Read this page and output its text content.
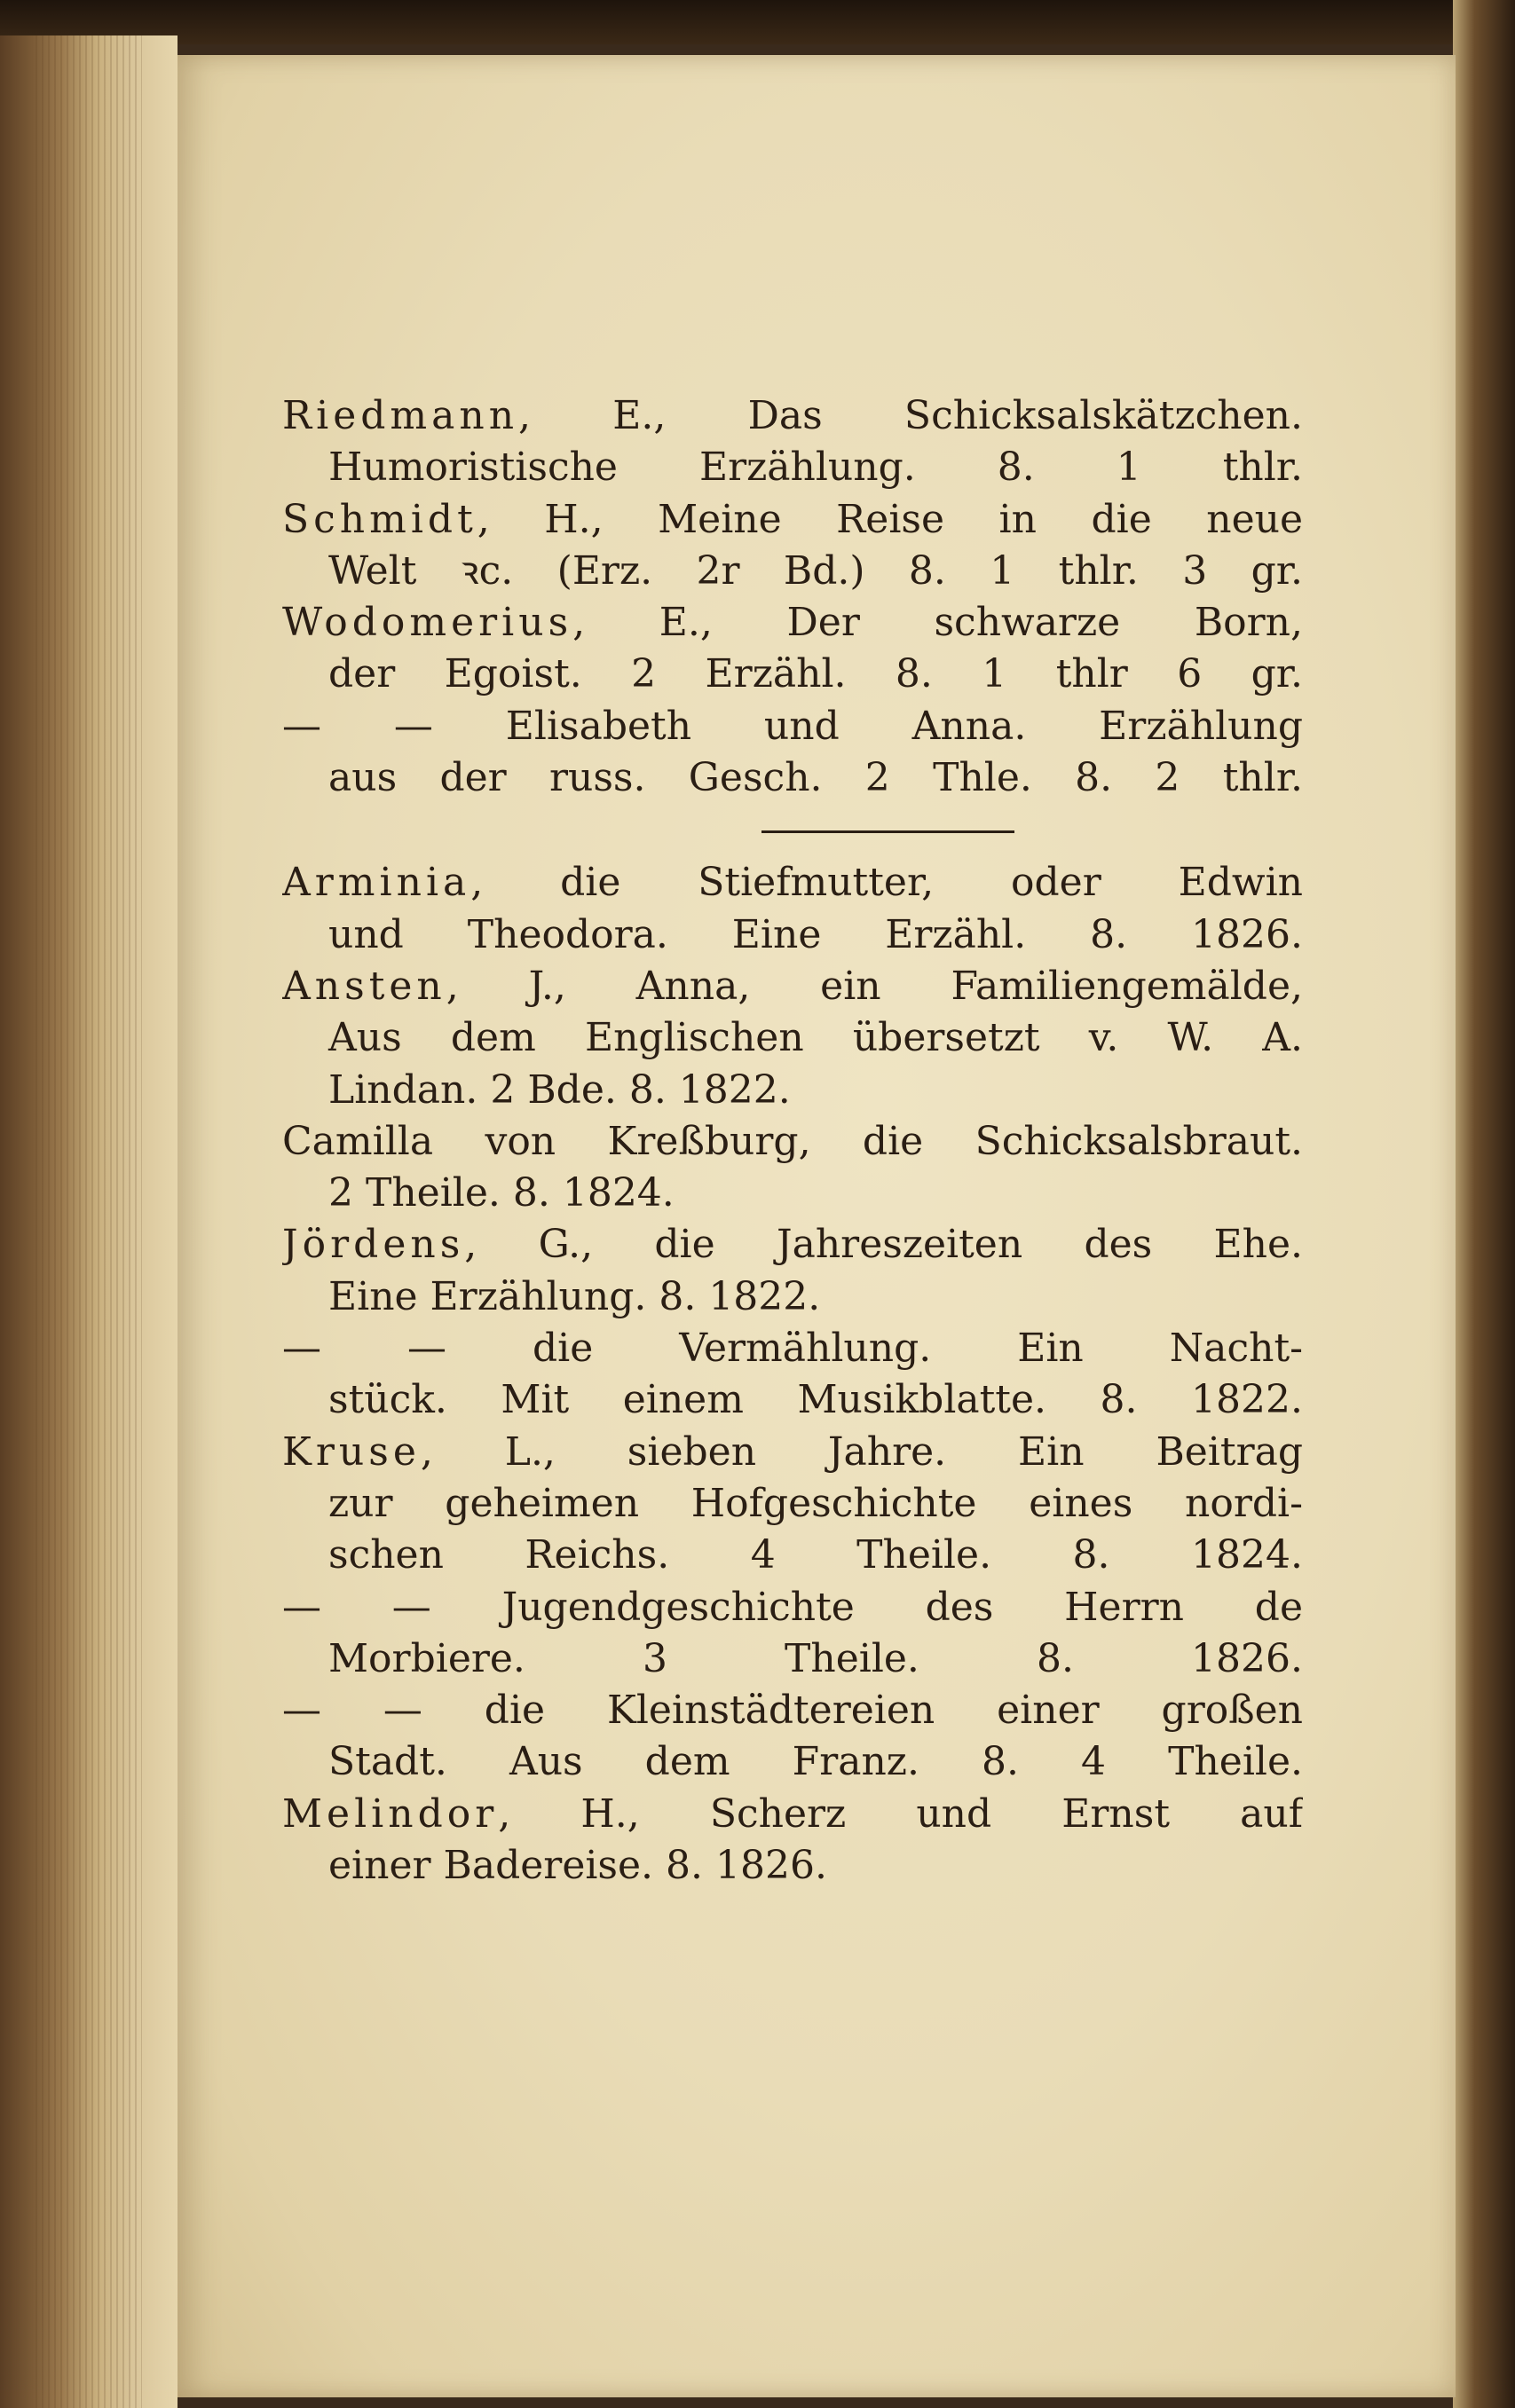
Riedmann, E., Das Schicksalskätzchen.
Humoristische Erzählung. 8. 1 thlr.
Schmidt, H., Meine Reise in die neue
Welt ꝛc. (Erz. 2r Bd.) 8. 1 thlr. 3 gr.
Wodomerius, E., Der schwarze Born,
der Egoist. 2 Erzähl. 8. 1 thlr 6 gr.
— — Elisabeth und Anna. Erzählung
aus der russ. Gesch. 2 Thle. 8. 2 thlr.
Arminia, die Stiefmutter, oder Edwin
und Theodora. Eine Erzähl. 8. 1826.
Ansten, J., Anna, ein Familiengemälde,
Aus dem Englischen übersetzt v. W. A.
Lindan. 2 Bde. 8. 1822.
Camilla von Kreßburg, die Schicksalsbraut.
2 Theile. 8. 1824.
Jördens, G., die Jahreszeiten des Ehe.
Eine Erzählung. 8. 1822.
— — die Vermählung. Ein Nacht-
stück. Mit einem Musikblatte. 8. 1822.
Kruse, L., sieben Jahre. Ein Beitrag
zur geheimen Hofgeschichte eines nordi-
schen Reichs. 4 Theile. 8. 1824.
— — Jugendgeschichte des Herrn de
Morbiere. 3 Theile. 8. 1826.
— — die Kleinstädtereien einer großen
Stadt. Aus dem Franz. 8. 4 Theile.
Melindor, H., Scherz und Ernst auf
einer Badereise. 8. 1826.
